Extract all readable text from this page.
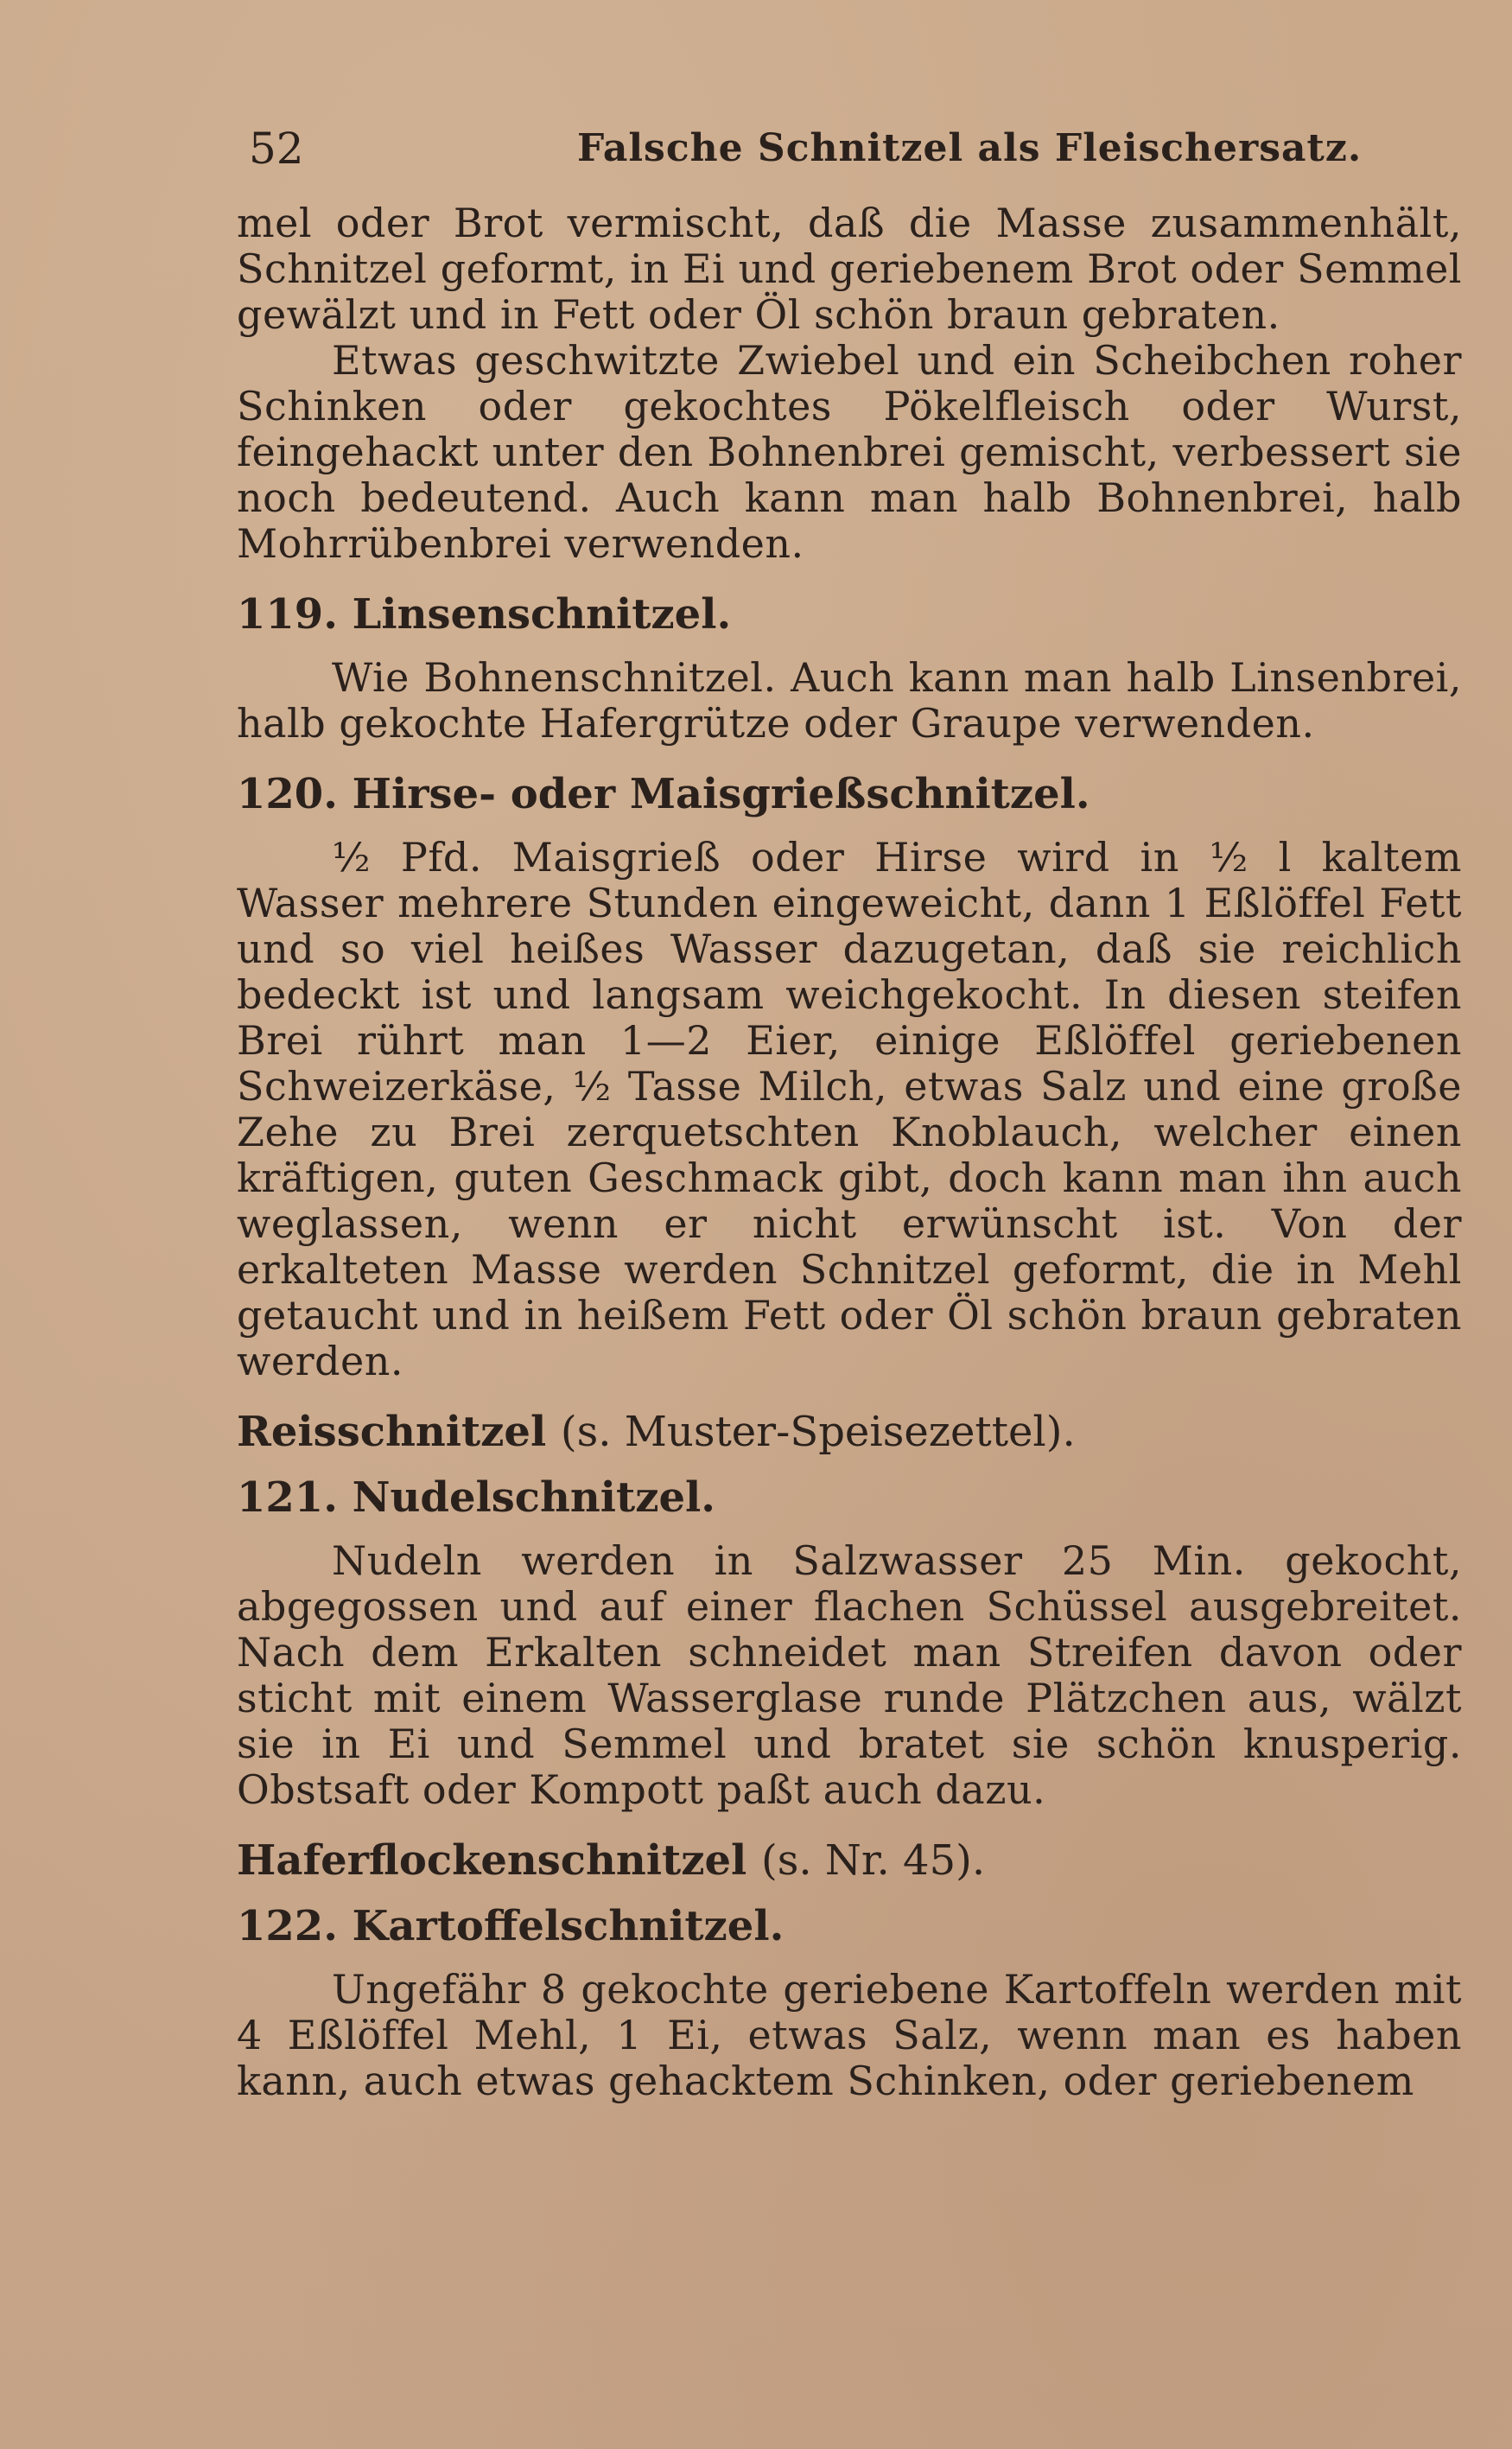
52	Falsche Schnitzel als Fleischersatz.

mel oder Brot vermischt, daß die Masse zusammenhält, Schnitzel geformt, in Ei und geriebenem Brot oder Semmel gewälzt und in Fett oder Öl schön braun gebraten.

Etwas geschwitzte Zwiebel und ein Scheibchen roher Schinken oder gekochtes Pökelfleisch oder Wurst, feingehackt unter den Bohnenbrei gemischt, verbessert sie noch bedeutend. Auch kann man halb Bohnenbrei, halb Mohrrübenbrei verwenden.

119. Linsenschnitzel.

Wie Bohnenschnitzel. Auch kann man halb Linsenbrei, halb gekochte Hafergrütze oder Graupe verwenden.

120. Hirse- oder Maisgrießschnitzel.

½ Pfd. Maisgrieß oder Hirse wird in ½ l kaltem Wasser mehrere Stunden eingeweicht, dann 1 Eßlöffel Fett und so viel heißes Wasser dazugetan, daß sie reichlich bedeckt ist und langsam weichgekocht. In diesen steifen Brei rührt man 1—2 Eier, einige Eßlöffel geriebenen Schweizerkäse, ½ Tasse Milch, etwas Salz und eine große Zehe zu Brei zerquetschten Knoblauch, welcher einen kräftigen, guten Geschmack gibt, doch kann man ihn auch weglassen, wenn er nicht erwünscht ist. Von der erkalteten Masse werden Schnitzel geformt, die in Mehl getaucht und in heißem Fett oder Öl schön braun gebraten werden.

Reisschnitzel (s. Muster-Speisezettel).
121. Nudelschnitzel.

Nudeln werden in Salzwasser 25 Min. gekocht, abgegossen und auf einer flachen Schüssel ausgebreitet. Nach dem Erkalten schneidet man Streifen davon oder sticht mit einem Wasserglase runde Plätzchen aus, wälzt sie in Ei und Semmel und bratet sie schön knusperig. Obstsaft oder Kompott paßt auch dazu.

Haferflockenschnitzel (s. Nr. 45).
122. Kartoffelschnitzel.

Ungefähr 8 gekochte geriebene Kartoffeln werden mit 4 Eßlöffel Mehl, 1 Ei, etwas Salz, wenn man es haben kann, auch etwas gehacktem Schinken, oder geriebenem
